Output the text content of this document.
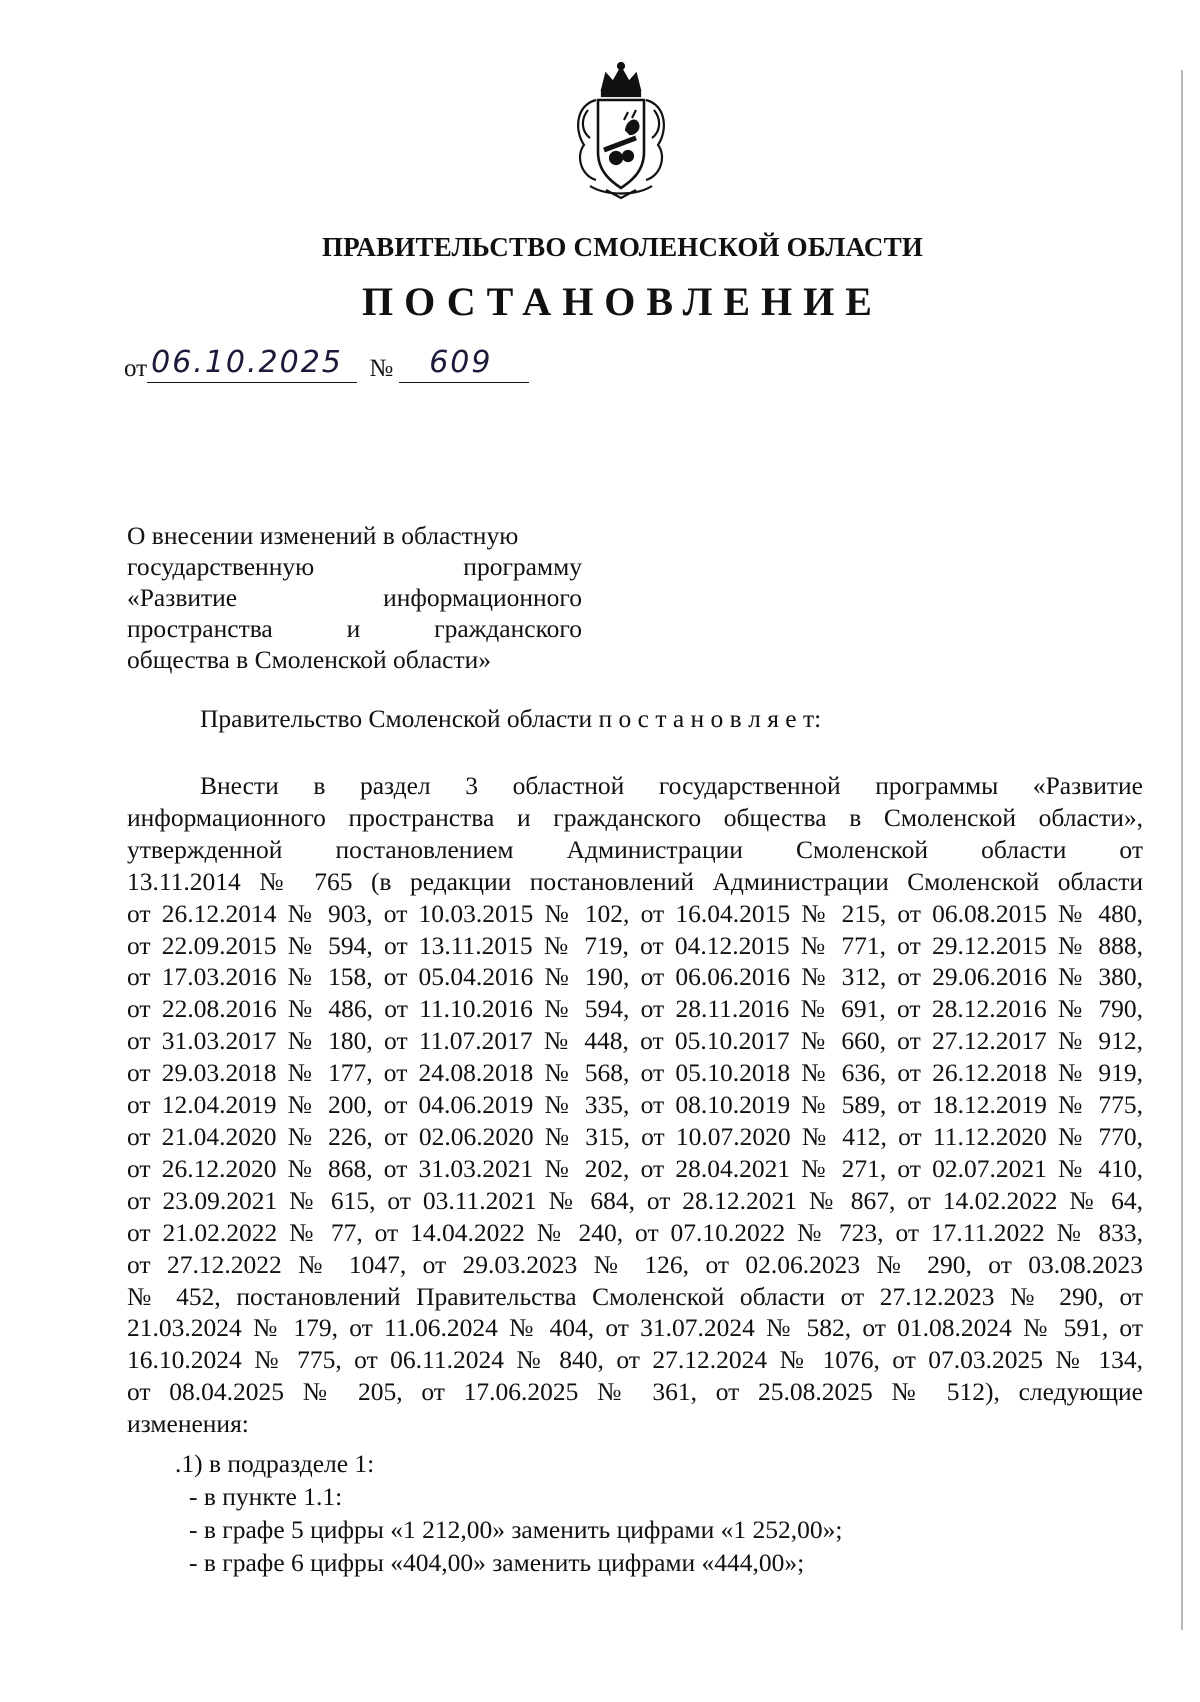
ПРАВИТЕЛЬСТВО СМОЛЕНСКОЙ ОБЛАСТИ
ПОСТАНОВЛЕНИЕ
от 06.10.2025 № 609
О внесении изменений в областную
государственную программу
«Развитие информационного
пространства и гражданского
общества в Смоленской области»
Правительство Смоленской области п о с т а н о в л я е т:
Внести в раздел 3 областной государственной программы «Развитие
информационного пространства и гражданского общества в Смоленской области»,
утвержденной постановлением Администрации Смоленской области от
13.11.2014 № 765 (в редакции постановлений Администрации Смоленской области
от 26.12.2014 № 903, от 10.03.2015 № 102, от 16.04.2015 № 215, от 06.08.2015 № 480,
от 22.09.2015 № 594, от 13.11.2015 № 719, от 04.12.2015 № 771, от 29.12.2015 № 888,
от 17.03.2016 № 158, от 05.04.2016 № 190, от 06.06.2016 № 312, от 29.06.2016 № 380,
от 22.08.2016 № 486, от 11.10.2016 № 594, от 28.11.2016 № 691, от 28.12.2016 № 790,
от 31.03.2017 № 180, от 11.07.2017 № 448, от 05.10.2017 № 660, от 27.12.2017 № 912,
от 29.03.2018 № 177, от 24.08.2018 № 568, от 05.10.2018 № 636, от 26.12.2018 № 919,
от 12.04.2019 № 200, от 04.06.2019 № 335, от 08.10.2019 № 589, от 18.12.2019 № 775,
от 21.04.2020 № 226, от 02.06.2020 № 315, от 10.07.2020 № 412, от 11.12.2020 № 770,
от 26.12.2020 № 868, от 31.03.2021 № 202, от 28.04.2021 № 271, от 02.07.2021 № 410,
от 23.09.2021 № 615, от 03.11.2021 № 684, от 28.12.2021 № 867, от 14.02.2022 № 64,
от 21.02.2022 № 77, от 14.04.2022 № 240, от 07.10.2022 № 723, от 17.11.2022 № 833,
от 27.12.2022 № 1047, от 29.03.2023 № 126, от 02.06.2023 № 290, от 03.08.2023
№ 452, постановлений Правительства Смоленской области от 27.12.2023 № 290, от
21.03.2024 № 179, от 11.06.2024 № 404, от 31.07.2024 № 582, от 01.08.2024 № 591, от
16.10.2024 № 775, от 06.11.2024 № 840, от 27.12.2024 № 1076, от 07.03.2025 № 134,
от 08.04.2025 № 205, от 17.06.2025 № 361, от 25.08.2025 № 512), следующие
изменения:
.1) в подразделе 1:
- в пункте 1.1:
- в графе 5 цифры «1 212,00» заменить цифрами «1 252,00»;
- в графе 6 цифры «404,00» заменить цифрами «444,00»;
